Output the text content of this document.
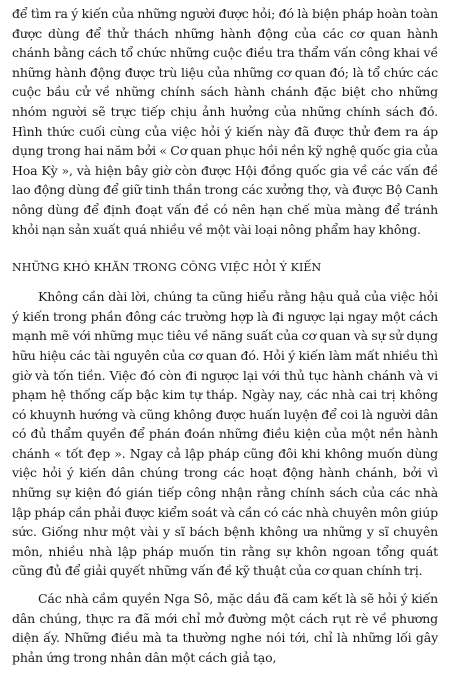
để tìm ra ý kiến của những người được hỏi; đó là biện pháp hoàn toàn được dùng để thử thách những hành động của các cơ quan hành chánh bằng cách tổ chức những cuộc điều tra thẩm vấn công khai về những hành động được trù liệu của những cơ quan đó; là tổ chức các cuộc bầu cử về những chính sách hành chánh đặc biệt cho những nhóm người sẽ trực tiếp chịu ảnh hưởng của những chính sách đó. Hình thức cuối cùng của việc hỏi ý kiến này đã được thử đem ra áp dụng trong hai năm bởi « Cơ quan phục hồi nền kỹ nghệ quốc gia của Hoa Kỳ », và hiện bây giờ còn được Hội đồng quốc gia về các vấn đề lao động dùng để giữ tinh thần trong các xưởng thợ, và được Bộ Canh nông dùng để định đoạt vấn đề có nên hạn chế mùa màng để tránh khỏi nạn sản xuất quá nhiều về một vài loại nông phẩm hay không.

NHỮNG KHÓ KHĂN TRONG CÔNG VIỆC HỎI Ý KIẾN

Không cần dài lời, chúng ta cũng hiểu rằng hậu quả của việc hỏi ý kiến trong phần đông các trường hợp là đi ngược lại ngay một cách mạnh mẽ với những mục tiêu về năng suất của cơ quan và sự sử dụng hữu hiệu các tài nguyên của cơ quan đó. Hỏi ý kiến làm mất nhiều thì giờ và tốn tiền. Việc đó còn đi ngược lại với thủ tục hành chánh và vi phạm hệ thống cấp bậc kim tự tháp. Ngày nay, các nhà cai trị không có khuynh hướng và cũng không được huấn luyện để coi là người dân có đủ thẩm quyền để phán đoán những điều kiện của một nền hành chánh « tốt đẹp ». Ngay cả lập pháp cũng đôi khi không muốn dùng việc hỏi ý kiến dân chúng trong các hoạt động hành chánh, bởi vì những sự kiện đó gián tiếp công nhận rằng chính sách của các nhà lập pháp cần phải được kiểm soát và cần có các nhà chuyên môn giúp sức. Giống như một vài y sĩ bách bệnh không ưa những y sĩ chuyên môn, nhiều nhà lập pháp muốn tin rằng sự khôn ngoan tổng quát cũng đủ để giải quyết những vấn đề kỹ thuật của cơ quan chính trị.

Các nhà cầm quyền Nga Sô, mặc dầu đã cam kết là sẽ hỏi ý kiến dân chúng, thực ra đã mới chỉ mở đường một cách rụt rè về phương diện ấy. Những điều mà ta thường nghe nói tới, chỉ là những lối gây phản ứng trong nhân dân một cách giả tạo,
